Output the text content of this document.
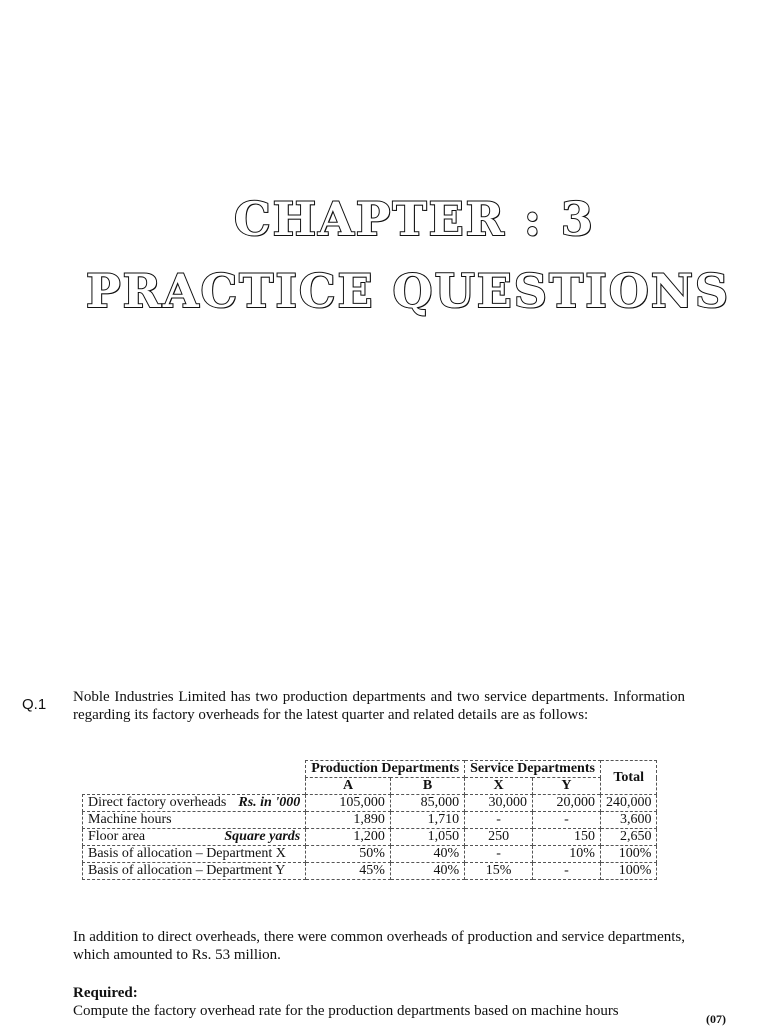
CHAPTER : 3
PRACTICE QUESTIONS
Q.1 Noble Industries Limited has two production departments and two service departments. Information regarding its factory overheads for the latest quarter and related details are as follows:

	Production Departments		Service Departments		Total
	A	B	X	Y	
Direct factory overheads Rs. in '000	105,000	85,000	30,000	20,000	240,000
Machine hours	1,890	1,710	-	-	3,600
Floor area Square yards	1,200	1,050	250	150	2,650
Basis of allocation – Department X	50%	40%	-	10%	100%
Basis of allocation – Department Y	45%	40%	15%	-	100%

In addition to direct overheads, there were common overheads of production and service departments, which amounted to Rs. 53 million.

Required:
Compute the factory overhead rate for the production departments based on machine hours	(07)
